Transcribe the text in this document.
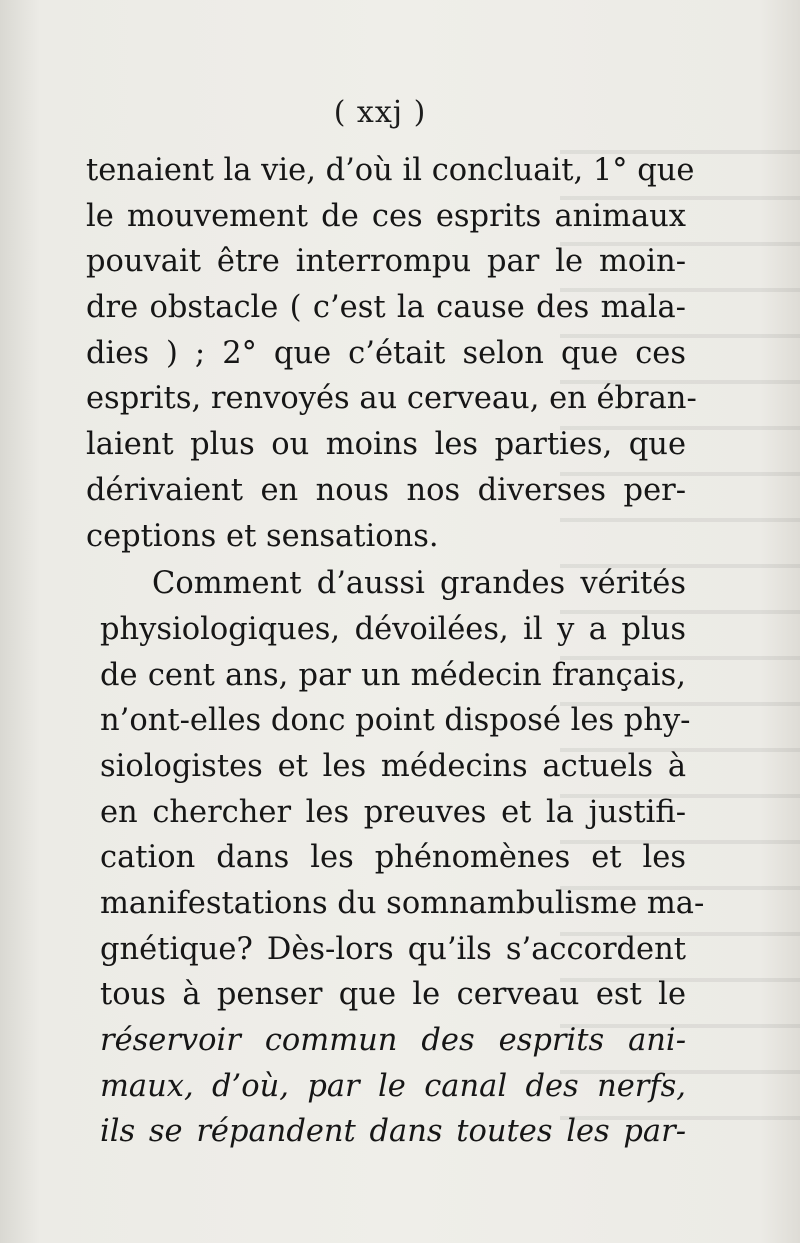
( xxj )
tenaient la vie, d’où il concluait, 1° que
le mouvement de ces esprits animaux
pouvait être interrompu par le moin-
dre obstacle ( c’est la cause des mala-
dies ) ; 2° que c’était selon que ces
esprits, renvoyés au cerveau, en ébran-
laient plus ou moins les parties, que
dérivaient en nous nos diverses per-
ceptions et sensations.
Comment d’aussi grandes vérités
physiologiques, dévoilées, il y a plus
de cent ans, par un médecin français,
n’ont-elles donc point disposé les phy-
siologistes et les médecins actuels à
en chercher les preuves et la justifi-
cation dans les phénomènes et les
manifestations du somnambulisme ma-
gnétique? Dès-lors qu’ils s’accordent
tous à penser que le cerveau est le
réservoir commun des esprits ani-
maux, d’où, par le canal des nerfs,
ils se répandent dans toutes les par-
